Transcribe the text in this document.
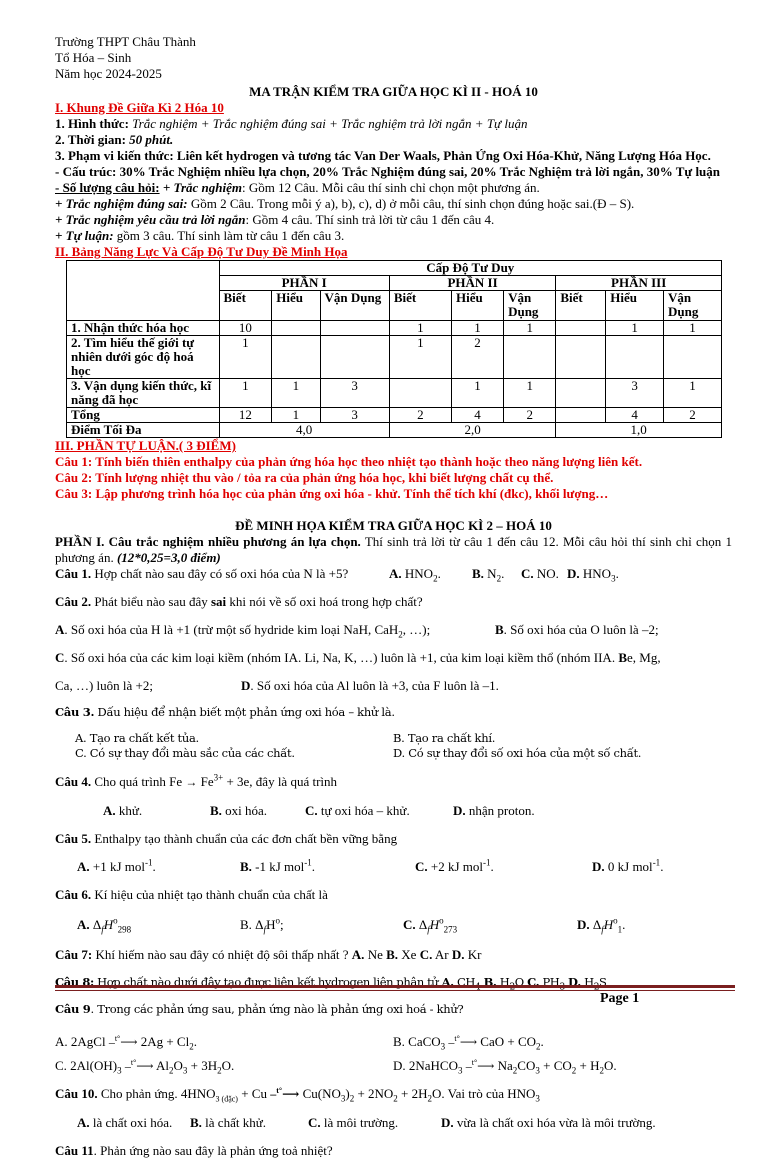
Trường THPT Châu Thành

Tổ Hóa – Sinh

Năm học 2024-2025

MA TRẬN KIỂM TRA GIỮA HỌC KÌ II - HOÁ 10

I. Khung Đề Giữa Kì 2 Hóa 10

1. Hình thức: Trắc nghiệm + Trắc nghiệm đúng sai + Trắc nghiệm trả lời ngắn + Tự luận

2. Thời gian: 50 phút.

3. Phạm vi kiến thức: Liên kết hydrogen và tương tác Van Der Waals, Phản Ứng Oxi Hóa-Khử, Năng Lượng Hóa Học.

- Cấu trúc: 30% Trắc Nghiệm nhiều lựa chọn, 20% Trắc Nghiệm đúng sai, 20% Trắc Nghiệm trả lời ngắn, 30% Tự luận

- Số lượng câu hỏi: + Trắc nghiệm: Gồm 12 Câu. Mỗi câu thí sinh chỉ chọn một phương án.

+ Trắc nghiệm đúng sai: Gồm 2 Câu. Trong mỗi ý a), b), c), d) ở mỗi câu, thí sinh chọn đúng hoặc sai.(Đ – S).

+ Trắc nghiệm yêu cầu trả lời ngắn: Gồm 4 câu. Thí sinh trả lời từ câu 1 đến câu 4.

+ Tự luận: gồm 3 câu. Thí sinh làm từ câu 1 đến câu 3.

II. Bảng Năng Lực Và Cấp Độ Tư Duy Đề Minh Họa

	Cấp Độ Tư Duy								
	PHẦN I			PHẦN II			PHẦN III		
	Biết	Hiểu	Vận Dụng	Biết	Hiểu	Vận Dụng	Biết	Hiểu	Vận Dụng
1. Nhận thức hóa học	10			1	1	1		1	1
2. Tìm hiểu thế giới tự nhiên dưới góc độ hoá học	1			1	2				
3. Vận dụng kiến thức, kĩ năng đã học	1	1	3		1	1		3	1
Tổng	12	1	3	2	4	2		4	2
Điểm Tối Đa	4,0			2,0			1,0		

III. PHẦN TỰ LUẬN.( 3 ĐIỂM)

Câu 1: Tính biến thiên enthalpy của phản ứng hóa học theo nhiệt tạo thành hoặc theo năng lượng liên kết.

Câu 2: Tính lượng nhiệt thu vào / tỏa ra của phản ứng hóa học, khi biết lượng chất cụ thể.

Câu 3: Lập phương trình hóa học của phản ứng oxi hóa - khử. Tính thể tích khí (đkc), khối lượng…

ĐỀ MINH HỌA KIỂM TRA GIỮA HỌC KÌ 2 – HOÁ 10

PHẦN I. Câu trắc nghiệm nhiều phương án lựa chọn. Thí sinh trả lời từ câu 1 đến câu 12. Mỗi câu hỏi thí sinh chỉ chọn 1 phương án. (12*0,25=3,0 điểm)

Câu 1. Hợp chất nào sau đây có số oxi hóa của N là +5?	A. $HNO_2$. B. $N_2$. C. NO. D. $HNO_3$.

Câu 2. Phát biểu nào sau đây sai khi nói về số oxi hoá trong hợp chất?

A. Số oxi hóa của H là +1 (trừ một số hydride kim loại NaH, CaH$_2$, …);	B. Số oxi hóa của O luôn là –2;

C. Số oxi hóa của các kim loại kiềm (nhóm IA. Li, Na, K, …) luôn là +1, của kim loại kiềm thổ (nhóm IIA. Be, Mg,

Ca, …) luôn là +2;	D. Số oxi hóa của Al luôn là +3, của F luôn là –1.

Câu 3. Dấu hiệu để nhận biết một phản ứng oxi hóa – khử là.

A. Tạo ra chất kết tủa.	B. Tạo ra chất khí.
C. Có sự thay đổi màu sắc của các chất.	D. Có sự thay đổi số oxi hóa của một số chất.

Câu 4. Cho quá trình $Fe \to Fe^{3+} + 3e$, đây là quá trình

A. khử.	B. oxi hóa.	C. tự oxi hóa – khử.	D. nhận proton.

Câu 5. Enthalpy tạo thành chuẩn của các đơn chất bền vững bằng

A. +1 kJ mol$^{-1}$.	B. -1 kJ mol$^{-1}$.	C. +2 kJ mol$^{-1}$.	D. 0 kJ mol$^{-1}$.

Câu 6. Kí hiệu của nhiệt tạo thành chuẩn của chất là

A. $\Delta_fH^o_{298}$	B. $\Delta_fH^o$;	C. $\Delta_fH^o_{273}$	D. $\Delta_fH^o_1$.

Câu 7: Khí hiếm nào sau đây có nhiệt độ sôi thấp nhất ? A. Ne B. Xe C. Ar D. Kr

Câu 8: Hợp chất nào dưới đây tạo được liên kết hydrogen liên phân tử A. $CH_4$ B. $H_2O$ C. $PH_3$ D. $H_2S$

Câu 9. Trong các phản ứng sau, phản ứng nào là phản ứng oxi hoá - khử?

A. 2AgCl –$^{t^\circ}$⟶ $2Ag + Cl_2$.	B. CaCO$_3$ –$^{t^\circ}$⟶ CaO + $CO_2$.
C. $2Al(OH)_3$ –$^{t^\circ}$⟶ $Al_2O_3 + 3H_2O$.	D. 2NaHCO$_3$ –$^{t^\circ}$⟶ $Na_2CO_3 + CO_2 + H_2O$.

Câu 10. Cho phản ứng. $4HNO_{3 (đặc)} + Cu$ –$^{t^\circ}$⟶ $Cu(NO_3)_2 + 2NO_2 + 2H_2O$. Vai trò của $HNO_3$

A. là chất oxi hóa. B. là chất khử.	C. là môi trường.	D. vừa là chất oxi hóa vừa là môi trường.

Câu 11. Phản ứng nào sau đây là phản ứng toả nhiệt?

Page 1
